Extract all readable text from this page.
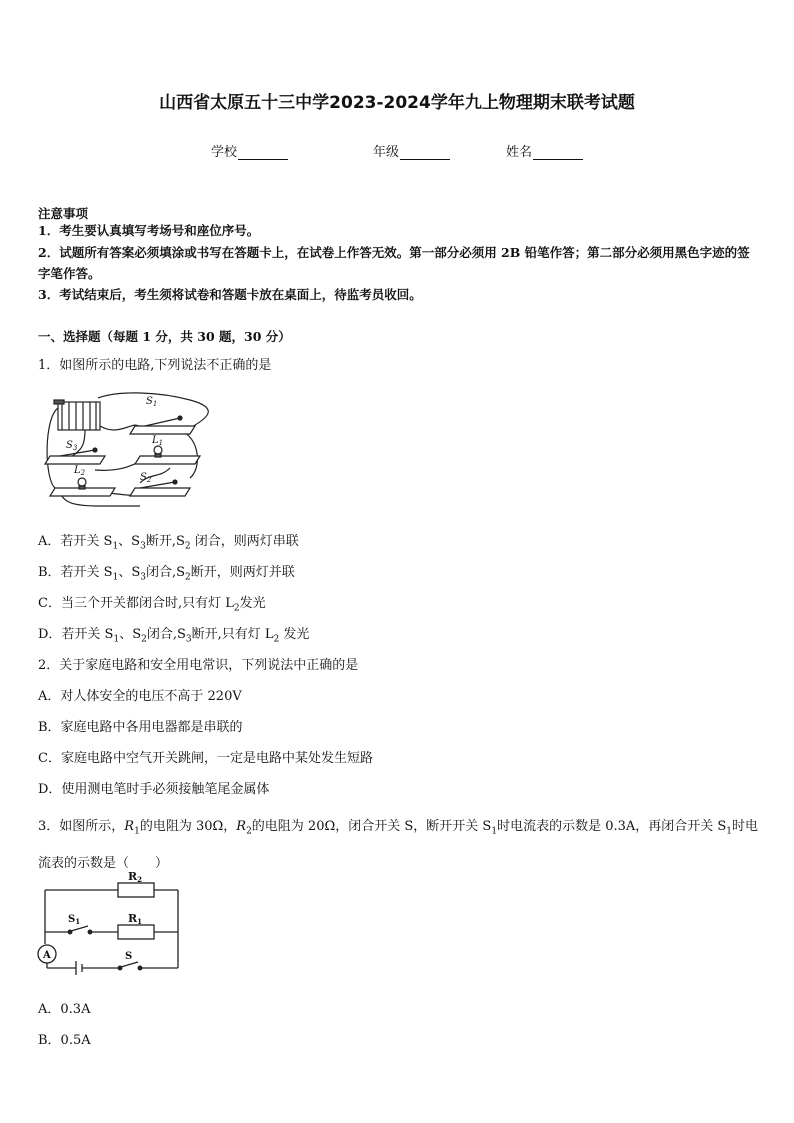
山西省太原五十三中学2023-2024学年九上物理期末联考试题
学校	年级	姓名
注意事项
1．考生要认真填写考场号和座位序号。
2．试题所有答案必须填涂或书写在答题卡上，在试卷上作答无效。第一部分必须用 2B 铅笔作答；第二部分必须用黑色字迹的签字笔作答。
3．考试结束后，考生须将试卷和答题卡放在桌面上，待监考员收回。
一、选择题（每题 1 分，共 30 题，30 分）
1．如图所示的电路,下列说法不正确的是
$S_1$
$L_1$
$S_3$
$S_2$
$L_2$
A．若开关 $S_1$、$S_3$断开$,S_2$ 闭合，则两灯串联
B．若开关 $S_1$、$S_3$闭合$,S_2$断开，则两灯并联
C．当三个开关都闭合时,只有灯 $L_2$发光
D．若开关 $S_1$、$S_2$闭合$,S_3$断开,只有灯 $L_2$ 发光
2．关于家庭电路和安全用电常识，下列说法中正确的是
A．对人体安全的电压不高于 220V
B．家庭电路中各用电器都是串联的
C．家庭电路中空气开关跳闸，一定是电路中某处发生短路
D．使用测电笔时手必须接触笔尾金属体
3．如图所示，$R_1$的电阻为 30Ω，$R_2$的电阻为 20Ω，闭合开关 S，断开开关 $S_1$时电流表的示数是 0.3A，再闭合开关 $S_1$时电流表的示数是（　　）
R2
R1
$S_1$
S
A
A．0.3A
B．0.5A
